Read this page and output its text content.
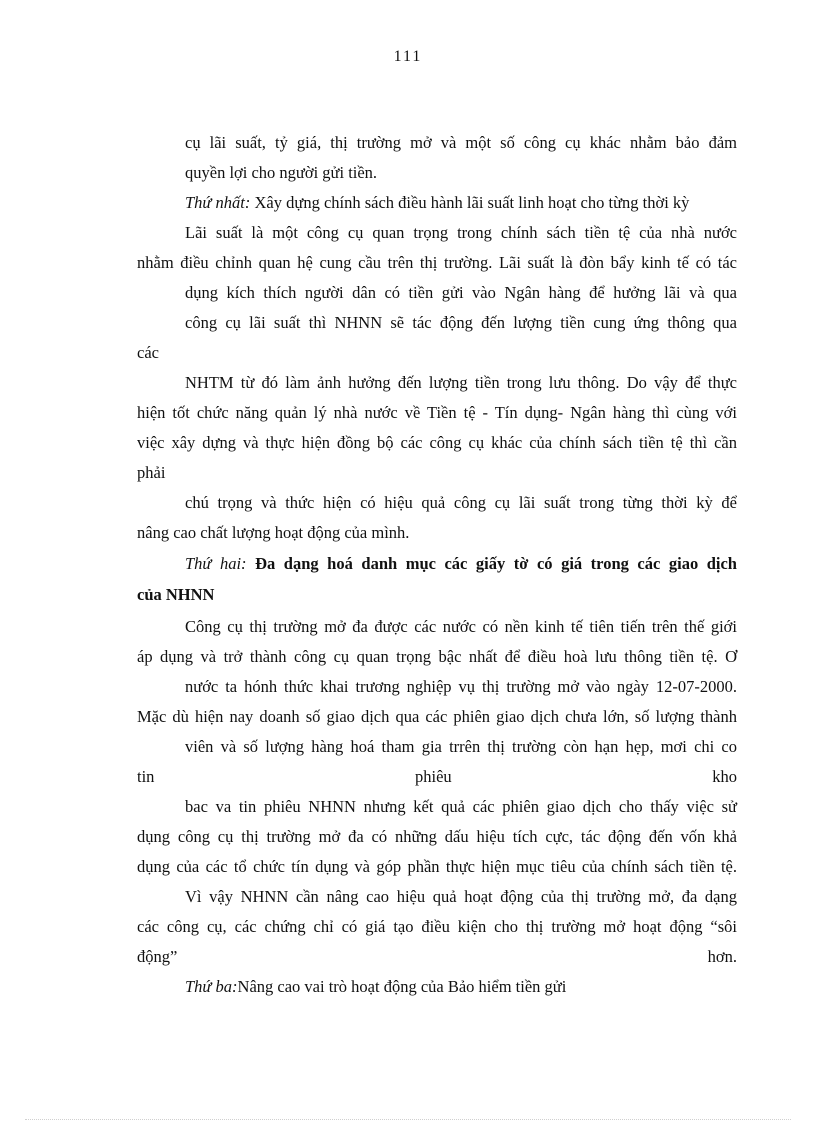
111
cụ lãi suất, tỷ giá, thị trường mở và một số công cụ khác nhằm bảo đảm
quyền lợi cho người gửi tiền.
Thứ nhất: Xây dựng chính sách điều hành lãi suất linh hoạt cho từng thời kỳ
Lãi suất là một công cụ quan trọng trong chính sách tiền tệ của nhà nước
nhằm điều chỉnh quan hệ cung cầu trên thị trường. Lãi suất là đòn bẩy kinh tế có tác
dụng kích thích người dân có tiền gửi vào Ngân hàng để hưởng lãi và qua
công cụ lãi suất thì NHNN sẽ tác động đến lượng tiền cung ứng thông qua
các
NHTM từ đó làm ảnh hưởng đến lượng tiền trong lưu thông. Do vậy để thực
hiện tốt chức năng quản lý nhà nước về Tiền tệ - Tín dụng- Ngân hàng thì cùng với
việc xây dựng và thực hiện đồng bộ các công cụ khác của chính sách tiền tệ thì cần
phải
chú trọng và thức hiện có hiệu quả công cụ lãi suất trong từng thời kỳ để
nâng cao chất lượng hoạt động của mình.
Thứ hai: Đa dạng hoá danh mục các giấy tờ có giá trong các giao dịch
của NHNN
Công cụ thị trường mở đa được các nước có nền kinh tế tiên tiến trên thế giới
áp dụng và trở thành công cụ quan trọng bậc nhất để điều hoà lưu thông tiền tệ. Ơ
nước ta hónh thức khai trương nghiệp vụ thị trường mở vào ngày 12-07-2000.
Mặc dù hiện nay doanh số giao dịch qua các phiên giao dịch chưa lớn, số lượng thành
viên và số lượng hàng hoá tham gia trrên thị trường còn hạn hẹp, mơi chi co
tin phiêu kho
bac va tin phiêu NHNN nhưng kết quả các phiên giao dịch cho thấy việc sử
dụng công cụ thị trường mở đa có những dấu hiệu tích cực, tác động đến vốn khả
dụng của các tổ chức tín dụng và góp phần thực hiện mục tiêu của chính sách tiền tệ.
Vì vậy NHNN cần nâng cao hiệu quả hoạt động của thị trường mở, đa dạng
các công cụ, các chứng chỉ có giá tạo điều kiện cho thị trường mở hoạt động “sôi
động” hơn.
Thứ ba:Nâng cao vai trò hoạt động của Bảo hiểm tiền gửi
